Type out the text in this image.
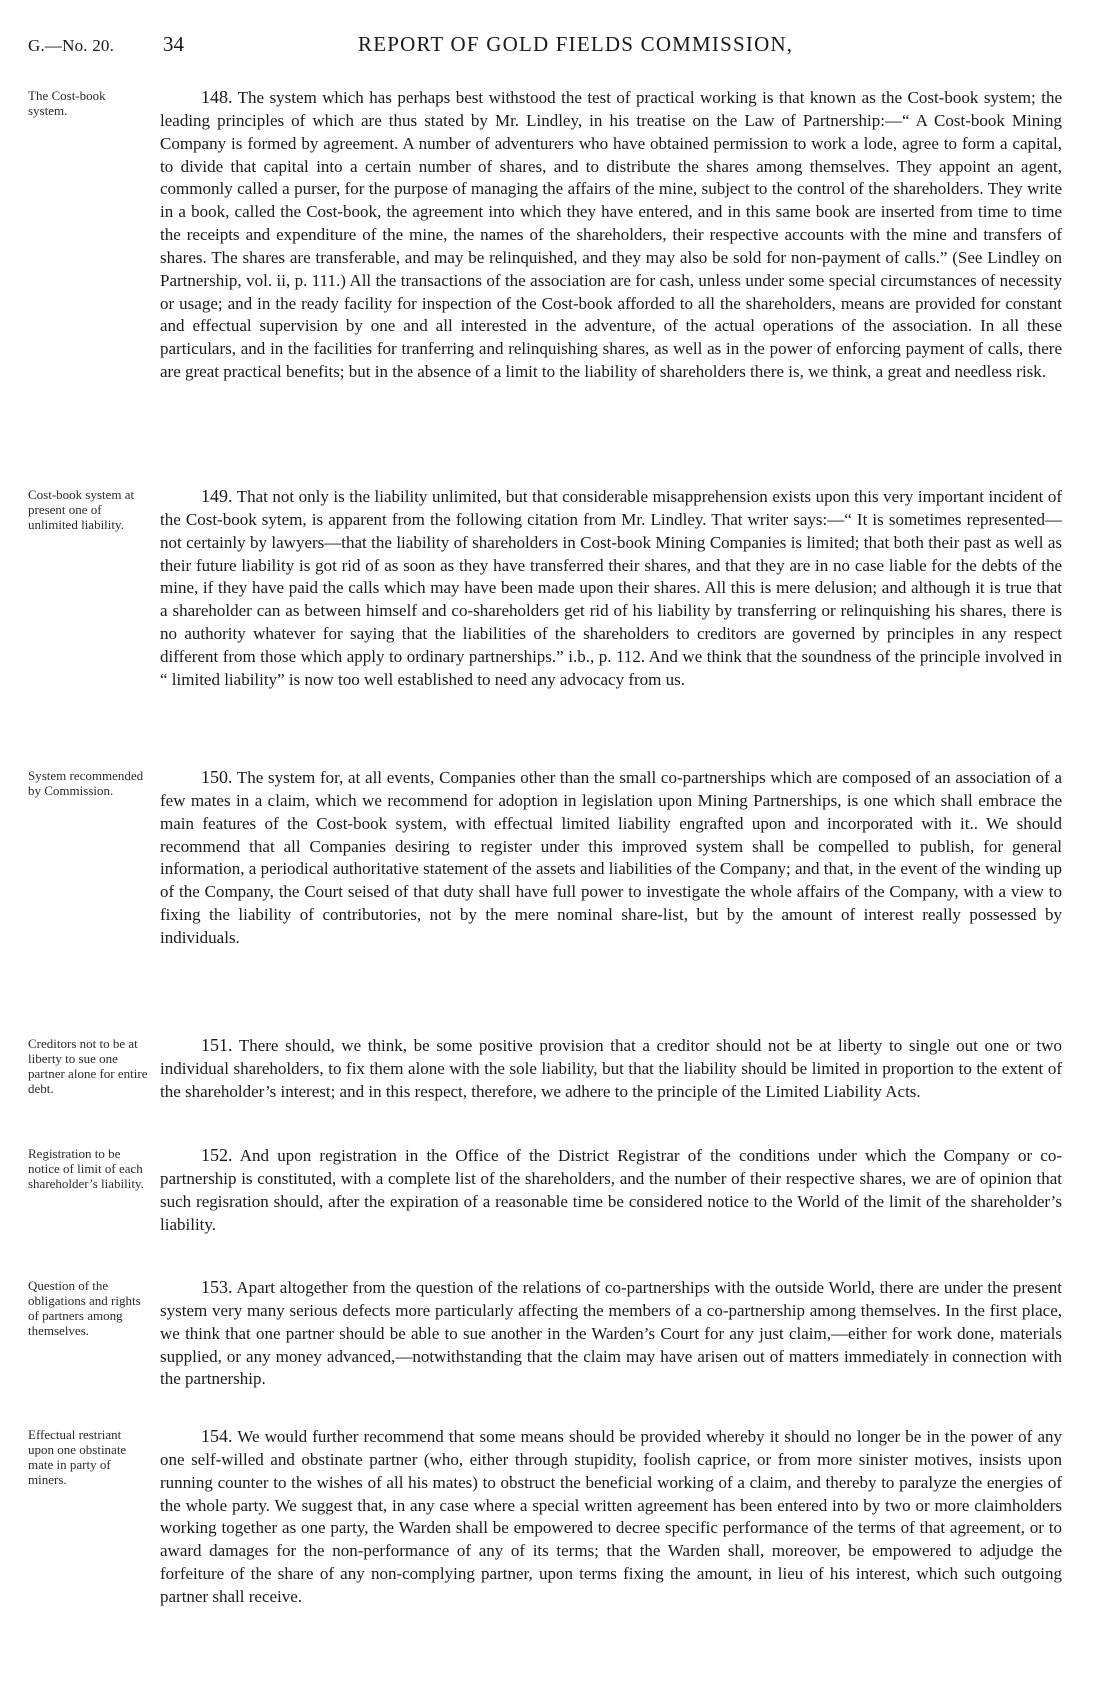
G.—No. 20. 34	REPORT OF GOLD FIELDS COMMISSION,
The Cost-book system.

148. The system which has perhaps best withstood the test of practical working is that known as the Cost-book system; the leading principles of which are thus stated by Mr. Lindley, in his treatise on the Law of Partnership:—“ A Cost-book Mining Company is formed by agreement. A number of adventurers who have obtained permission to work a lode, agree to form a capital, to divide that capital into a certain number of shares, and to distribute the shares among themselves. They appoint an agent, commonly called a purser, for the purpose of managing the affairs of the mine, subject to the control of the shareholders. They write in a book, called the Cost-book, the agreement into which they have entered, and in this same book are inserted from time to time the receipts and expenditure of the mine, the names of the shareholders, their respective accounts with the mine and transfers of shares. The shares are transferable, and may be relinquished, and they may also be sold for non-payment of calls.” (See Lindley on Partnership, vol. ii, p. 111.) All the transactions of the association are for cash, unless under some special circumstances of necessity or usage; and in the ready facility for inspection of the Cost-book afforded to all the shareholders, means are provided for constant and effectual supervision by one and all interested in the adventure, of the actual operations of the association. In all these particulars, and in the facilities for tranferring and relinquishing shares, as well as in the power of enforcing payment of calls, there are great practical benefits; but in the absence of a limit to the liability of shareholders there is, we think, a great and needless risk.

Cost-book system at present one of unlimited liability.

149. That not only is the liability unlimited, but that considerable misapprehension exists upon this very important incident of the Cost-book sytem, is apparent from the following citation from Mr. Lindley. That writer says:—“ It is sometimes represented—not certainly by lawyers—that the liability of shareholders in Cost-book Mining Companies is limited; that both their past as well as their future liability is got rid of as soon as they have transferred their shares, and that they are in no case liable for the debts of the mine, if they have paid the calls which may have been made upon their shares. All this is mere delusion; and although it is true that a shareholder can as between himself and co-shareholders get rid of his liability by transferring or relinquishing his shares, there is no authority whatever for saying that the liabilities of the shareholders to creditors are governed by principles in any respect different from those which apply to ordinary partnerships.” i.b., p. 112. And we think that the soundness of the principle involved in “ limited liability” is now too well established to need any advocacy from us.

System recommended by Commission.

150. The system for, at all events, Companies other than the small co-partnerships which are composed of an association of a few mates in a claim, which we recommend for adoption in legislation upon Mining Partnerships, is one which shall embrace the main features of the Cost-book system, with effectual limited liability engrafted upon and incorporated with it.. We should recommend that all Companies desiring to register under this improved system shall be compelled to publish, for general information, a periodical authoritative statement of the assets and liabilities of the Company; and that, in the event of the winding up of the Company, the Court seised of that duty shall have full power to investigate the whole affairs of the Company, with a view to fixing the liability of contributories, not by the mere nominal share-list, but by the amount of interest really possessed by individuals.

Creditors not to be at liberty to sue one partner alone for entire debt.

151. There should, we think, be some positive provision that a creditor should not be at liberty to single out one or two individual shareholders, to fix them alone with the sole liability, but that the liability should be limited in proportion to the extent of the shareholder’s interest; and in this respect, therefore, we adhere to the principle of the Limited Liability Acts.

Registration to be notice of limit of each shareholder’s liability.

152. And upon registration in the Office of the District Registrar of the conditions under which the Company or co-partnership is constituted, with a complete list of the shareholders, and the number of their respective shares, we are of opinion that such regisration should, after the expiration of a reasonable time be considered notice to the World of the limit of the shareholder’s liability.

Question of the obligations and rights of partners among themselves.

153. Apart altogether from the question of the relations of co-partnerships with the outside World, there are under the present system very many serious defects more particularly affecting the members of a co-partnership among themselves. In the first place, we think that one partner should be able to sue another in the Warden’s Court for any just claim,—either for work done, materials supplied, or any money advanced,—notwithstanding that the claim may have arisen out of matters immediately in connection with the partnership.

Effectual restriant upon one obstinate mate in party of miners.

154. We would further recommend that some means should be provided whereby it should no longer be in the power of any one self-willed and obstinate partner (who, either through stupidity, foolish caprice, or from more sinister motives, insists upon running counter to the wishes of all his mates) to obstruct the beneficial working of a claim, and thereby to paralyze the energies of the whole party. We suggest that, in any case where a special written agreement has been entered into by two or more claimholders working together as one party, the Warden shall be empowered to decree specific performance of the terms of that agreement, or to award damages for the non-performance of any of its terms; that the Warden shall, moreover, be empowered to adjudge the forfeiture of the share of any non-complying partner, upon terms fixing the amount, in lieu of his interest, which such outgoing partner shall receive.
